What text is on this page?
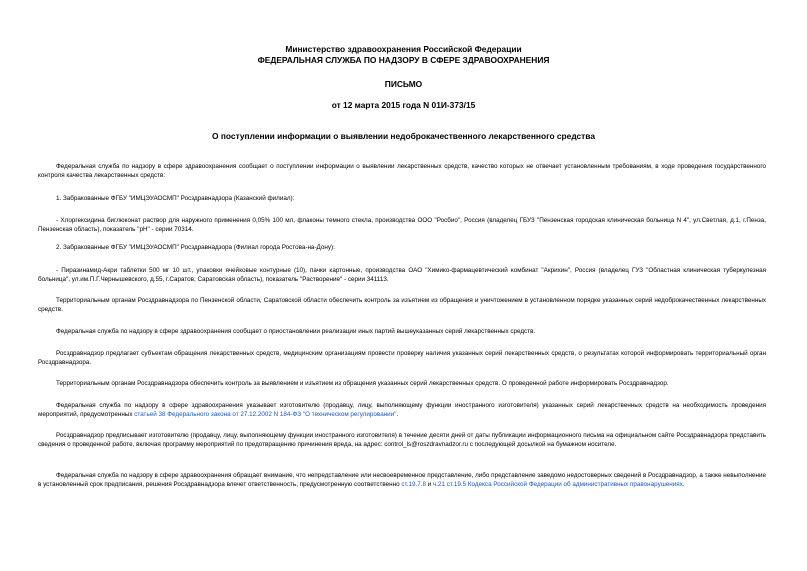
Министерство здравоохранения Российской Федерации
ФЕДЕРАЛЬНАЯ СЛУЖБА ПО НАДЗОРУ В СФЕРЕ ЗДРАВООХРАНЕНИЯ
ПИСЬМО
от 12 марта 2015 года N 01И-373/15
О поступлении информации о выявлении недоброкачественного лекарственного средства
Федеральная служба по надзору в сфере здравоохранения сообщает о поступлении информации о выявлении лекарственных средств, качество которых не отвечает установленным требованиям, в ходе проведения государственного контроля качества лекарственных средств:
1. Забракованные ФГБУ "ИМЦЭУАОСМП" Росздравнадзора (Казанский филиал):
- Хлоргексидина биглюконат раствор для наружного применения 0,05% 100 мл, флаконы темного стекла, производства ООО "Росбио", Россия (владелец ГБУЗ "Пензенская городская клиническая больница N 4", ул.Светлая, д.1, г.Пенза, Пензенская область), показатель "pH" - серии 70314.
2. Забракованные ФГБУ "ИМЦЭУАОСМП" Росздравнадзора (Филиал города Ростова-на-Дону):
- Пиразинамид-Акри таблетки 500 мг 10 шт., упаковки ячейковые контурные (10), пачки картонные, производства ОАО "Химико-фармацевтический комбинат "Акрихин", Россия (владелец ГУЗ "Областная клиническая туберкулезная больница", ул.им.П.Г.Чернышевского, д.55, г.Саратов, Саратовская область), показатель "Растворение" - серии 341113.
Территориальным органам Росздравнадзора по Пензенской области, Саратовской области обеспечить контроль за изъятием из обращения и уничтожением в установленном порядке указанных серий недоброкачественных лекарственных средств.
Федеральная служба по надзору в сфере здравоохранения сообщает о приостановлении реализации иных партий вышеуказанных серий лекарственных средств.
Росздравнадзор предлагает субъектам обращения лекарственных средств, медицинским организациям провести проверку наличия указанных серий лекарственных средств, о результатах которой информировать территориальный орган Росздравнадзора.
Территориальным органам Росздравнадзора обеспечить контроль за выявлением и изъятием из обращения указанных серий лекарственных средств. О проведенной работе информировать Росздравнадзор.
Федеральная служба по надзору в сфере здравоохранения указывает изготовителю (продавцу, лицу, выполняющему функции иностранного изготовителя) указанных серий лекарственных средств на необходимость проведения мероприятий, предусмотренных статьей 38 Федерального закона от 27.12.2002 N 184-ФЗ "О техническом регулировании".
Росздравнадзор предписывает изготовителю (продавцу, лицу, выполняющему функции иностранного изготовителя) в течение десяти дней от даты публикации информационного письма на официальном сайте Росздравнадзора представить сведения о проведенной работе, включая программу мероприятий по предотвращению причинения вреда, на адрес: control_ls@roszdravnadzor.ru с последующей досылкой на бумажном носителе.
Федеральная служба по надзору в сфере здравоохранения обращает внимание, что непредставление или несвоевременное представление, либо представление заведомо недостоверных сведений в Росздравнадзор, а также невыполнение в установленный срок предписания, решения Росздравнадзора влечет ответственность, предусмотренную соответственно ст.19.7.8 и ч.21 ст.19.5 Кодекса Российской Федерации об административных правонарушениях.
